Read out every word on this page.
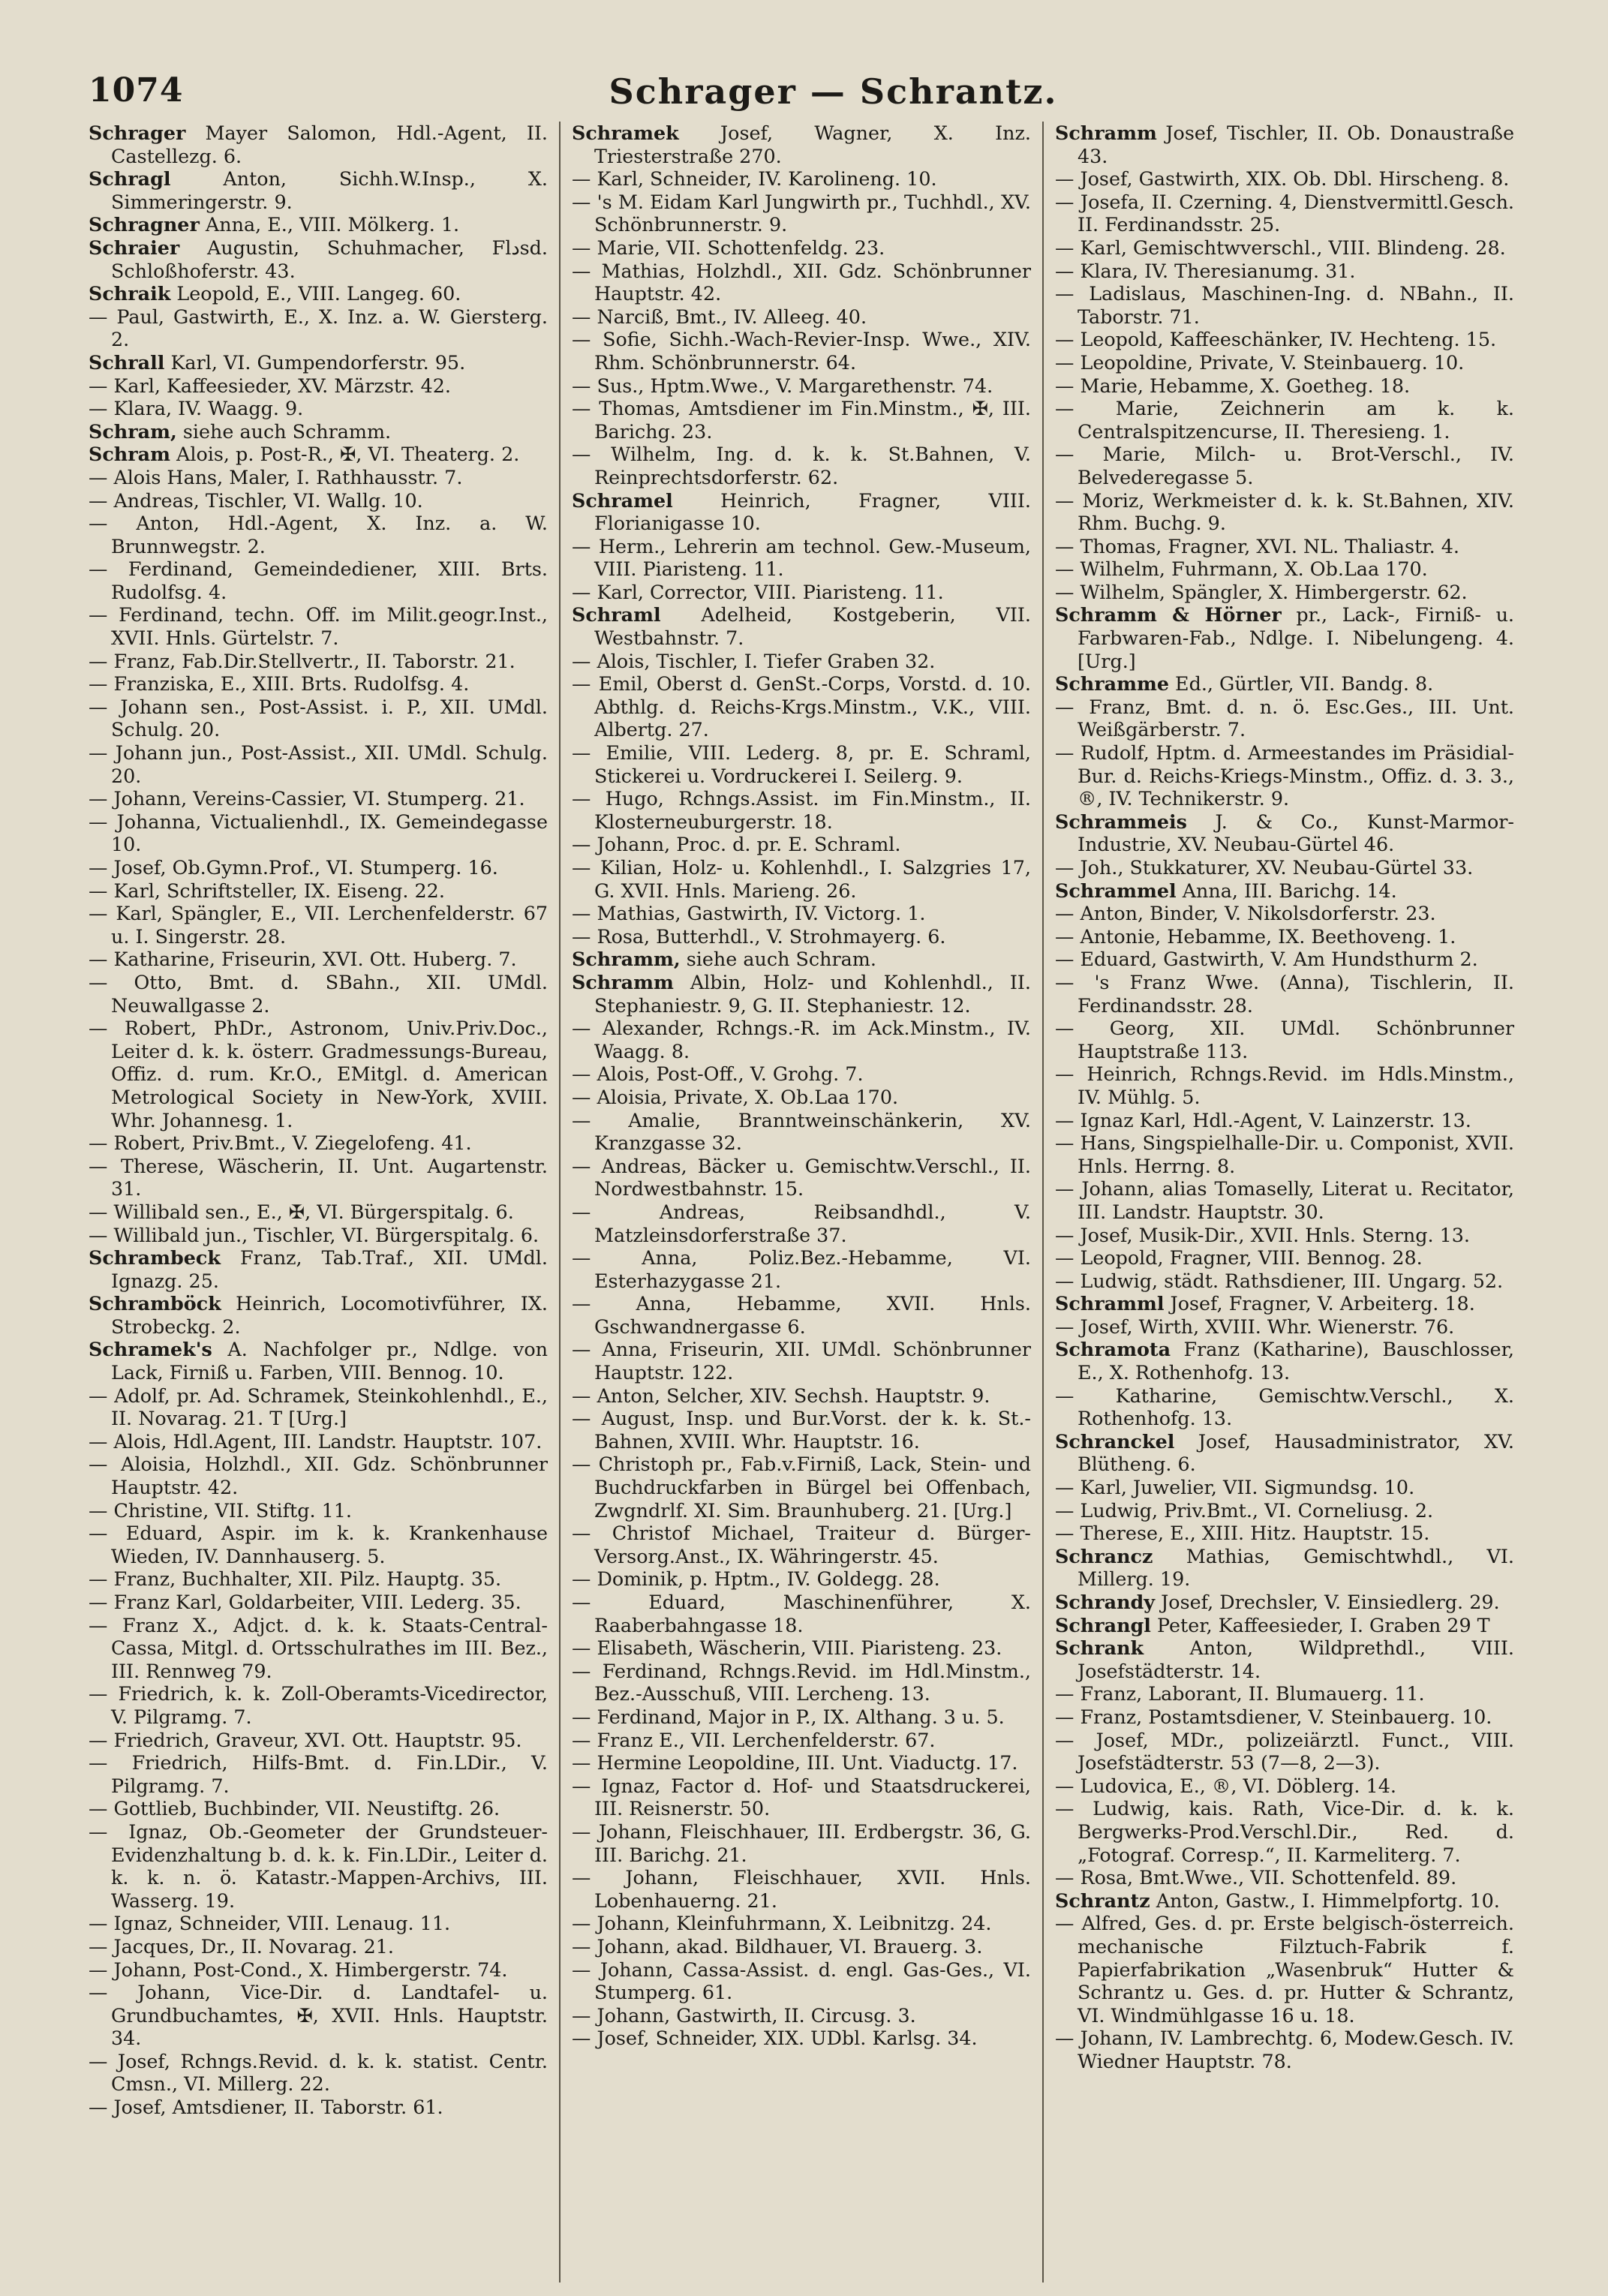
1074	Schrager — Schrantz.

Schrager Mayer Salomon, Hdl.-Agent, II. Castellezg. 6.

Schragl Anton, Sichh.W.Insp., X. Simmeringerstr. 9.

Schragner Anna, E., VIII. Mölkerg. 1.

Schraier Augustin, Schuhmacher, Flدsd. Schloßhoferstr. 43.

Schraik Leopold, E., VIII. Langeg. 60.

— Paul, Gastwirth, E., X. Inz. a. W. Giersterg. 2.

Schrall Karl, VI. Gumpendorferstr. 95.

— Karl, Kaffeesieder, XV. Märzstr. 42.

— Klara, IV. Waagg. 9.

Schram, siehe auch Schramm.

Schram Alois, p. Post-R., ✠, VI. Theaterg. 2.

— Alois Hans, Maler, I. Rathhausstr. 7.

— Andreas, Tischler, VI. Wallg. 10.

— Anton, Hdl.-Agent, X. Inz. a. W. Brunnwegstr. 2.

— Ferdinand, Gemeindediener, XIII. Brts. Rudolfsg. 4.

— Ferdinand, techn. Off. im Milit.geogr.Inst., XVII. Hnls. Gürtelstr. 7.

— Franz, Fab.Dir.Stellvertr., II. Taborstr. 21.

— Franziska, E., XIII. Brts. Rudolfsg. 4.

— Johann sen., Post-Assist. i. P., XII. UMdl. Schulg. 20.

— Johann jun., Post-Assist., XII. UMdl. Schulg. 20.

— Johann, Vereins-Cassier, VI. Stumperg. 21.

— Johanna, Victualienhdl., IX. Gemeindegasse 10.

— Josef, Ob.Gymn.Prof., VI. Stumperg. 16.

— Karl, Schriftsteller, IX. Eiseng. 22.

— Karl, Spängler, E., VII. Lerchenfelderstr. 67 u. I. Singerstr. 28.

— Katharine, Friseurin, XVI. Ott. Huberg. 7.

— Otto, Bmt. d. SBahn., XII. UMdl. Neuwallgasse 2.

— Robert, PhDr., Astronom, Univ.Priv.Doc., Leiter d. k. k. österr. Gradmessungs-Bureau, Offiz. d. rum. Kr.O., EMitgl. d. American Metrological Society in New-York, XVIII. Whr. Johannesg. 1.

— Robert, Priv.Bmt., V. Ziegelofeng. 41.

— Therese, Wäscherin, II. Unt. Augartenstr. 31.

— Willibald sen., E., ✠, VI. Bürgerspitalg. 6.

— Willibald jun., Tischler, VI. Bürgerspitalg. 6.

Schrambeck Franz, Tab.Traf., XII. UMdl. Ignazg. 25.

Schramböck Heinrich, Locomotivführer, IX. Strobeckg. 2.

Schramek's A. Nachfolger pr., Ndlge. von Lack, Firniß u. Farben, VIII. Bennog. 10.

— Adolf, pr. Ad. Schramek, Steinkohlenhdl., E., II. Novarag. 21. T [Urg.]

— Alois, Hdl.Agent, III. Landstr. Hauptstr. 107.

— Aloisia, Holzhdl., XII. Gdz. Schönbrunner Hauptstr. 42.

— Christine, VII. Stiftg. 11.

— Eduard, Aspir. im k. k. Krankenhause Wieden, IV. Dannhauserg. 5.

— Franz, Buchhalter, XII. Pilz. Hauptg. 35.

— Franz Karl, Goldarbeiter, VIII. Lederg. 35.

— Franz X., Adjct. d. k. k. Staats-Central-Cassa, Mitgl. d. Ortsschulrathes im III. Bez., III. Rennweg 79.

— Friedrich, k. k. Zoll-Oberamts-Vicedirector, V. Pilgramg. 7.

— Friedrich, Graveur, XVI. Ott. Hauptstr. 95.

— Friedrich, Hilfs-Bmt. d. Fin.LDir., V. Pilgramg. 7.

— Gottlieb, Buchbinder, VII. Neustiftg. 26.

— Ignaz, Ob.-Geometer der Grundsteuer-Evidenzhaltung b. d. k. k. Fin.LDir., Leiter d. k. k. n. ö. Katastr.-Mappen-Archivs, III. Wasserg. 19.

— Ignaz, Schneider, VIII. Lenaug. 11.

— Jacques, Dr., II. Novarag. 21.

— Johann, Post-Cond., X. Himbergerstr. 74.

— Johann, Vice-Dir. d. Landtafel- u. Grundbuchamtes, ✠, XVII. Hnls. Hauptstr. 34.

— Josef, Rchngs.Revid. d. k. k. statist. Centr. Cmsn., VI. Millerg. 22.

— Josef, Amtsdiener, II. Taborstr. 61.

Schramek Josef, Wagner, X. Inz. Triesterstraße 270.

— Karl, Schneider, IV. Karolineng. 10.

— 's M. Eidam Karl Jungwirth pr., Tuchhdl., XV. Schönbrunnerstr. 9.

— Marie, VII. Schottenfeldg. 23.

— Mathias, Holzhdl., XII. Gdz. Schönbrunner Hauptstr. 42.

— Narciß, Bmt., IV. Alleeg. 40.

— Sofie, Sichh.-Wach-Revier-Insp. Wwe., XIV. Rhm. Schönbrunnerstr. 64.

— Sus., Hptm.Wwe., V. Margarethenstr. 74.

— Thomas, Amtsdiener im Fin.Minstm., ✠, III. Barichg. 23.

— Wilhelm, Ing. d. k. k. St.Bahnen, V. Reinprechtsdorferstr. 62.

Schramel Heinrich, Fragner, VIII. Florianigasse 10.

— Herm., Lehrerin am technol. Gew.-Museum, VIII. Piaristeng. 11.

— Karl, Corrector, VIII. Piaristeng. 11.

Schraml Adelheid, Kostgeberin, VII. Westbahnstr. 7.

— Alois, Tischler, I. Tiefer Graben 32.

— Emil, Oberst d. GenSt.-Corps, Vorstd. d. 10. Abthlg. d. Reichs-Krgs.Minstm., V.K., VIII. Albertg. 27.

— Emilie, VIII. Lederg. 8, pr. E. Schraml, Stickerei u. Vordruckerei I. Seilerg. 9.

— Hugo, Rchngs.Assist. im Fin.Minstm., II. Klosterneuburgerstr. 18.

— Johann, Proc. d. pr. E. Schraml.

— Kilian, Holz- u. Kohlenhdl., I. Salzgries 17, G. XVII. Hnls. Marieng. 26.

— Mathias, Gastwirth, IV. Victorg. 1.

— Rosa, Butterhdl., V. Strohmayerg. 6.

Schramm, siehe auch Schram.

Schramm Albin, Holz- und Kohlenhdl., II. Stephaniestr. 9, G. II. Stephaniestr. 12.

— Alexander, Rchngs.-R. im Ack.Minstm., IV. Waagg. 8.

— Alois, Post-Off., V. Grohg. 7.

— Aloisia, Private, X. Ob.Laa 170.

— Amalie, Branntweinschänkerin, XV. Kranzgasse 32.

— Andreas, Bäcker u. Gemischtw.Verschl., II. Nordwestbahnstr. 15.

— Andreas, Reibsandhdl., V. Matzleinsdorferstraße 37.

— Anna, Poliz.Bez.-Hebamme, VI. Esterhazygasse 21.

— Anna, Hebamme, XVII. Hnls. Gschwandnergasse 6.

— Anna, Friseurin, XII. UMdl. Schönbrunner Hauptstr. 122.

— Anton, Selcher, XIV. Sechsh. Hauptstr. 9.

— August, Insp. und Bur.Vorst. der k. k. St.-Bahnen, XVIII. Whr. Hauptstr. 16.

— Christoph pr., Fab.v.Firniß, Lack, Stein- und Buchdruckfarben in Bürgel bei Offenbach, Zwgndrlf. XI. Sim. Braunhuberg. 21. [Urg.]

— Christof Michael, Traiteur d. Bürger-Versorg.Anst., IX. Währingerstr. 45.

— Dominik, p. Hptm., IV. Goldegg. 28.

— Eduard, Maschinenführer, X. Raaberbahngasse 18.

— Elisabeth, Wäscherin, VIII. Piaristeng. 23.

— Ferdinand, Rchngs.Revid. im Hdl.Minstm., Bez.-Ausschuß, VIII. Lercheng. 13.

— Ferdinand, Major in P., IX. Althang. 3 u. 5.

— Franz E., VII. Lerchenfelderstr. 67.

— Hermine Leopoldine, III. Unt. Viaductg. 17.

— Ignaz, Factor d. Hof- und Staatsdruckerei, III. Reisnerstr. 50.

— Johann, Fleischhauer, III. Erdbergstr. 36, G. III. Barichg. 21.

— Johann, Fleischhauer, XVII. Hnls. Lobenhauerng. 21.

— Johann, Kleinfuhrmann, X. Leibnitzg. 24.

— Johann, akad. Bildhauer, VI. Brauerg. 3.

— Johann, Cassa-Assist. d. engl. Gas-Ges., VI. Stumperg. 61.

— Johann, Gastwirth, II. Circusg. 3.

— Josef, Schneider, XIX. UDbl. Karlsg. 34.

Schramm Josef, Tischler, II. Ob. Donaustraße 43.

— Josef, Gastwirth, XIX. Ob. Dbl. Hirscheng. 8.

— Josefa, II. Czerning. 4, Dienstvermittl.Gesch. II. Ferdinandsstr. 25.

— Karl, Gemischtwverschl., VIII. Blindeng. 28.

— Klara, IV. Theresianumg. 31.

— Ladislaus, Maschinen-Ing. d. NBahn., II. Taborstr. 71.

— Leopold, Kaffeeschänker, IV. Hechteng. 15.

— Leopoldine, Private, V. Steinbauerg. 10.

— Marie, Hebamme, X. Goetheg. 18.

— Marie, Zeichnerin am k. k. Centralspitzencurse, II. Theresieng. 1.

— Marie, Milch- u. Brot-Verschl., IV. Belvederegasse 5.

— Moriz, Werkmeister d. k. k. St.Bahnen, XIV. Rhm. Buchg. 9.

— Thomas, Fragner, XVI. NL. Thaliastr. 4.

— Wilhelm, Fuhrmann, X. Ob.Laa 170.

— Wilhelm, Spängler, X. Himbergerstr. 62.

Schramm & Hörner pr., Lack-, Firniß- u. Farbwaren-Fab., Ndlge. I. Nibelungeng. 4. [Urg.]

Schramme Ed., Gürtler, VII. Bandg. 8.

— Franz, Bmt. d. n. ö. Esc.Ges., III. Unt. Weißgärberstr. 7.

— Rudolf, Hptm. d. Armeestandes im Präsidial-Bur. d. Reichs-Kriegs-Minstm., Offiz. d. 3. 3., ®, IV. Technikerstr. 9.

Schrammeis J. & Co., Kunst-Marmor-Industrie, XV. Neubau-Gürtel 46.

— Joh., Stukkaturer, XV. Neubau-Gürtel 33.

Schrammel Anna, III. Barichg. 14.

— Anton, Binder, V. Nikolsdorferstr. 23.

— Antonie, Hebamme, IX. Beethoveng. 1.

— Eduard, Gastwirth, V. Am Hundsthurm 2.

— 's Franz Wwe. (Anna), Tischlerin, II. Ferdinandsstr. 28.

— Georg, XII. UMdl. Schönbrunner Hauptstraße 113.

— Heinrich, Rchngs.Revid. im Hdls.Minstm., IV. Mühlg. 5.

— Ignaz Karl, Hdl.-Agent, V. Lainzerstr. 13.

— Hans, Singspielhalle-Dir. u. Componist, XVII. Hnls. Herrng. 8.

— Johann, alias Tomaselly, Literat u. Recitator, III. Landstr. Hauptstr. 30.

— Josef, Musik-Dir., XVII. Hnls. Sterng. 13.

— Leopold, Fragner, VIII. Bennog. 28.

— Ludwig, städt. Rathsdiener, III. Ungarg. 52.

Schramml Josef, Fragner, V. Arbeiterg. 18.

— Josef, Wirth, XVIII. Whr. Wienerstr. 76.

Schramota Franz (Katharine), Bauschlosser, E., X. Rothenhofg. 13.

— Katharine, Gemischtw.Verschl., X. Rothenhofg. 13.

Schranckel Josef, Hausadministrator, XV. Blütheng. 6.

— Karl, Juwelier, VII. Sigmundsg. 10.

— Ludwig, Priv.Bmt., VI. Corneliusg. 2.

— Therese, E., XIII. Hitz. Hauptstr. 15.

Schrancz Mathias, Gemischtwhdl., VI. Millerg. 19.

Schrandy Josef, Drechsler, V. Einsiedlerg. 29.

Schrangl Peter, Kaffeesieder, I. Graben 29 T

Schrank Anton, Wildprethdl., VIII. Josefstädterstr. 14.

— Franz, Laborant, II. Blumauerg. 11.

— Franz, Postamtsdiener, V. Steinbauerg. 10.

— Josef, MDr., polizeiärztl. Funct., VIII. Josefstädterstr. 53 (7—8, 2—3).

— Ludovica, E., ®, VI. Döblerg. 14.

— Ludwig, kais. Rath, Vice-Dir. d. k. k. Bergwerks-Prod.Verschl.Dir., Red. d. „Fotograf. Corresp.“, II. Karmeliterg. 7.

— Rosa, Bmt.Wwe., VII. Schottenfeld. 89.

Schrantz Anton, Gastw., I. Himmelpfortg. 10.

— Alfred, Ges. d. pr. Erste belgisch-österreich. mechanische Filztuch-Fabrik f. Papierfabrikation „Wasenbruk“ Hutter & Schrantz u. Ges. d. pr. Hutter & Schrantz, VI. Windmühlgasse 16 u. 18.

— Johann, IV. Lambrechtg. 6, Modew.Gesch. IV. Wiedner Hauptstr. 78.
